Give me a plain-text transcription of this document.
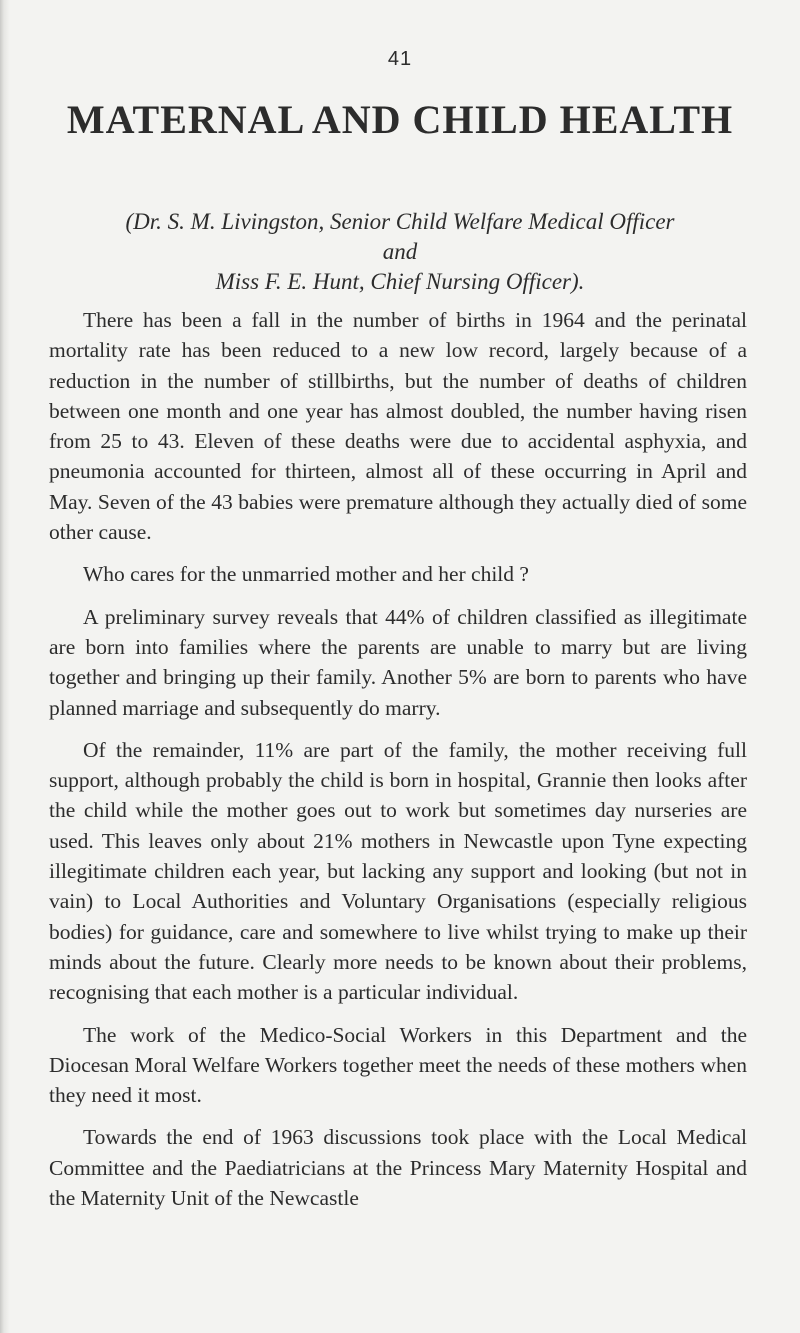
41
MATERNAL AND CHILD HEALTH
(Dr. S. M. Livingston, Senior Child Welfare Medical Officer
and
Miss F. E. Hunt, Chief Nursing Officer).

There has been a fall in the number of births in 1964 and the perinatal mortality rate has been reduced to a new low record, largely because of a reduction in the number of stillbirths, but the number of deaths of children between one month and one year has almost doubled, the number having risen from 25 to 43. Eleven of these deaths were due to accidental asphyxia, and pneumonia accounted for thirteen, almost all of these occurring in April and May. Seven of the 43 babies were premature although they actually died of some other cause.

Who cares for the unmarried mother and her child ?

A preliminary survey reveals that 44% of children classified as illegitimate are born into families where the parents are unable to marry but are living together and bringing up their family. Another 5% are born to parents who have planned marriage and subsequently do marry.

Of the remainder, 11% are part of the family, the mother receiving full support, although probably the child is born in hospital, Grannie then looks after the child while the mother goes out to work but sometimes day nurseries are used. This leaves only about 21% mothers in Newcastle upon Tyne expecting illegitimate children each year, but lacking any support and looking (but not in vain) to Local Authorities and Voluntary Organisations (especially religious bodies) for guidance, care and somewhere to live whilst trying to make up their minds about the future. Clearly more needs to be known about their problems, recognising that each mother is a particular individual.

The work of the Medico-Social Workers in this Department and the Diocesan Moral Welfare Workers together meet the needs of these mothers when they need it most.

Towards the end of 1963 discussions took place with the Local Medical Committee and the Paediatricians at the Princess Mary Maternity Hospital and the Maternity Unit of the Newcastle
